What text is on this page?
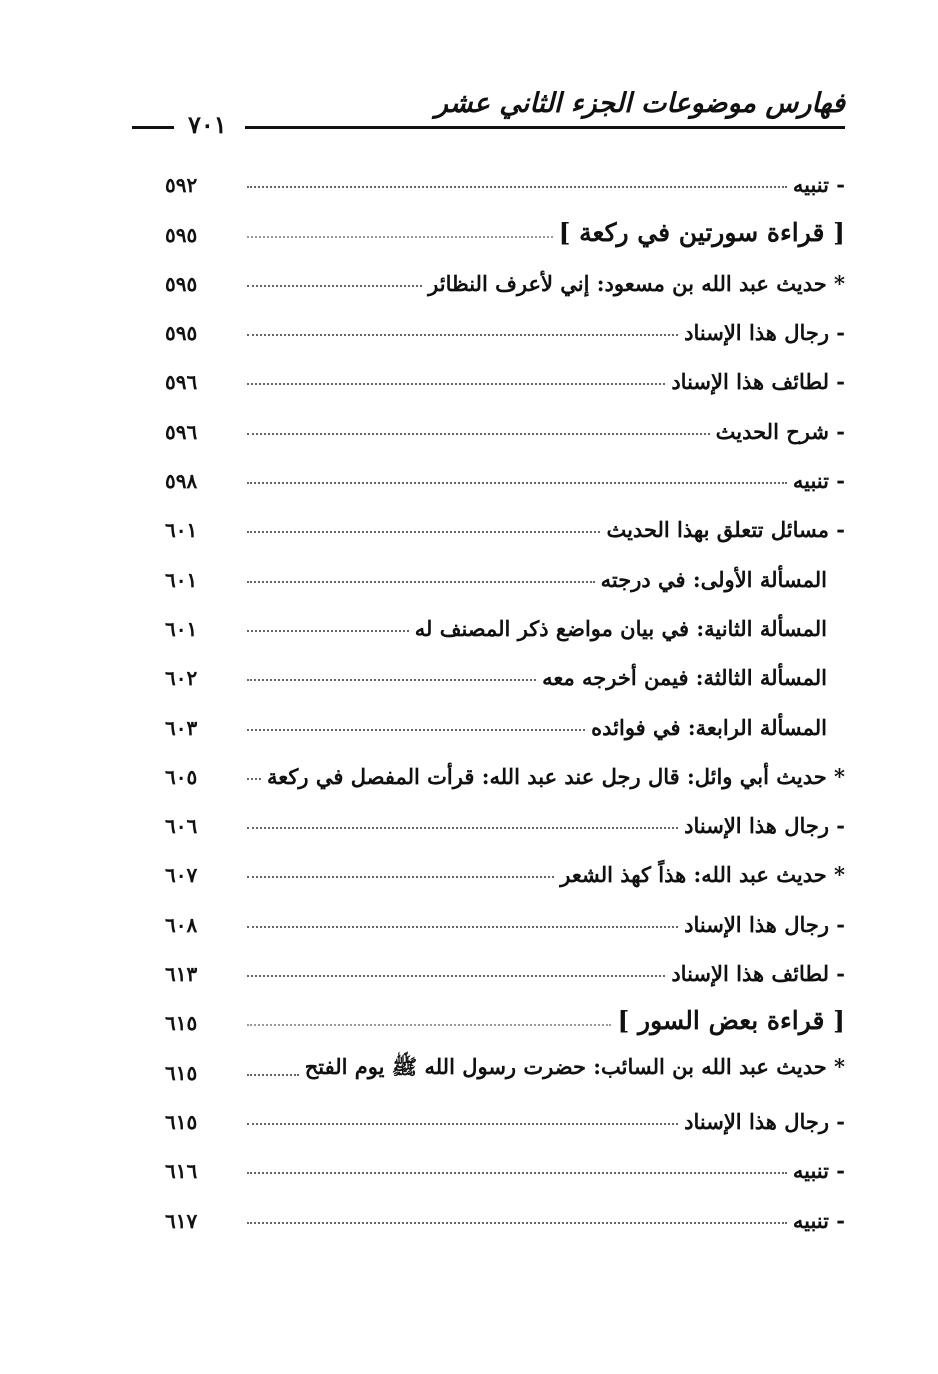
فهارس موضوعات الجزء الثاني عشر
٧٠١
- تنبيه
٥٩٢
[ قراءة سورتين في ركعة ]
٥٩٥
* حديث عبد الله بن مسعود: إني لأعرف النظائر
٥٩٥
- رجال هذا الإسناد
٥٩٥
- لطائف هذا الإسناد
٥٩٦
- شرح الحديث
٥٩٦
- تنبيه
٥٩٨
- مسائل تتعلق بهذا الحديث
٦٠١
المسألة الأولى: في درجته
٦٠١
المسألة الثانية: في بيان مواضع ذكر المصنف له
٦٠١
المسألة الثالثة: فيمن أخرجه معه
٦٠٢
المسألة الرابعة: في فوائده
٦٠٣
* حديث أبي وائل: قال رجل عند عبد الله: قرأت المفصل في ركعة
٦٠٥
- رجال هذا الإسناد
٦٠٦
* حديث عبد الله: هذاً كهذ الشعر
٦٠٧
- رجال هذا الإسناد
٦٠٨
- لطائف هذا الإسناد
٦١٣
[ قراءة بعض السور ]
٦١٥
* حديث عبد الله بن السائب: حضرت رسول الله ﷺ يوم الفتح
٦١٥
- رجال هذا الإسناد
٦١٥
- تنبيه
٦١٦
- تنبيه
٦١٧
